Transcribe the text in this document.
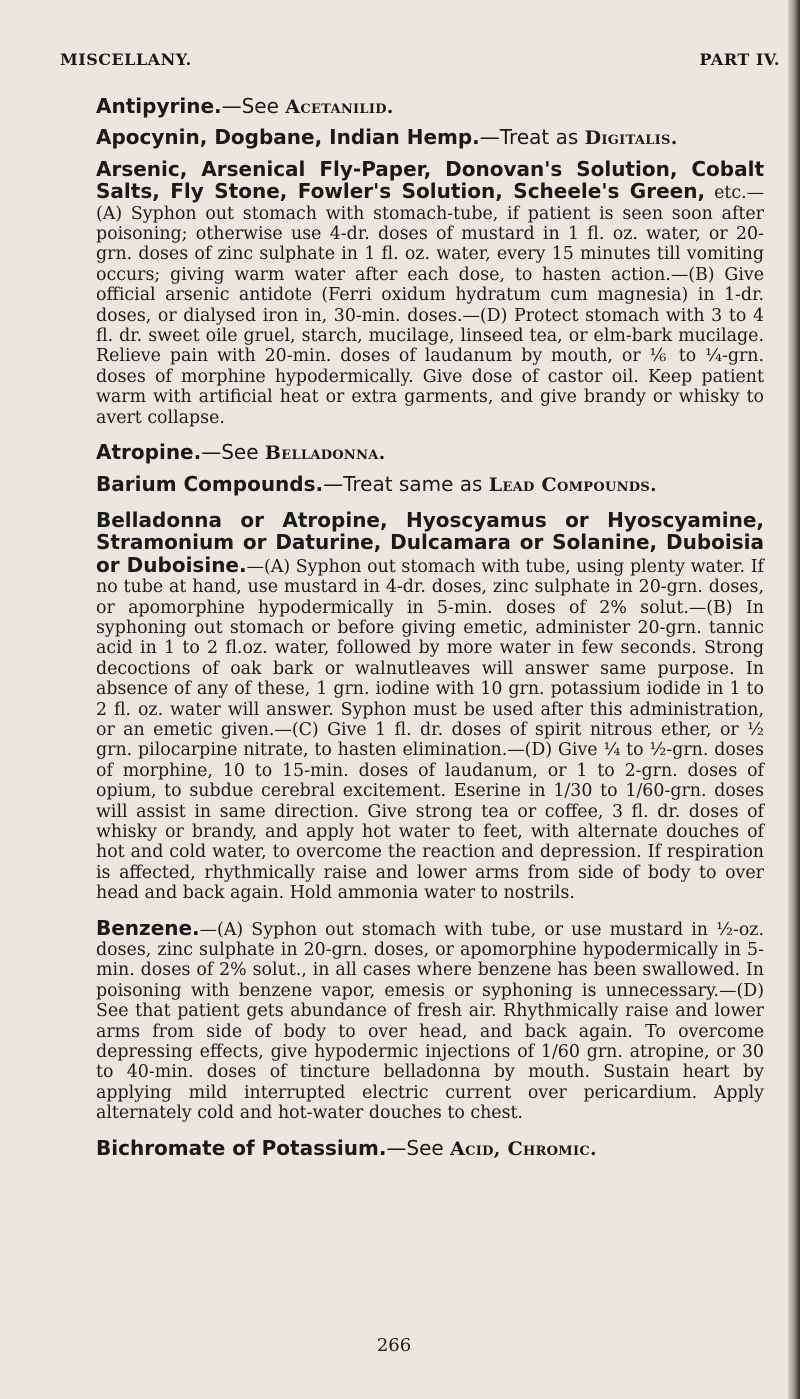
MISCELLANY.	PART IV.

Antipyrine.—See Acetanilid.

Apocynin, Dogbane, Indian Hemp.—Treat as Digitalis.

Arsenic, Arsenical Fly-Paper, Donovan's Solution, Cobalt Salts, Fly Stone, Fowler's Solution, Scheele's Green, etc.—(A) Syphon out stomach with stomach-tube, if patient is seen soon after poisoning; otherwise use 4-dr. doses of mustard in 1 fl. oz. water, or 20-grn. doses of zinc sulphate in 1 fl. oz. water, every 15 minutes till vomiting occurs; giving warm water after each dose, to hasten action.—(B) Give official arsenic antidote (Ferri oxidum hydratum cum magnesia) in 1-dr. doses, or dialysed iron in, 30-min. doses.—(D) Protect stomach with 3 to 4 fl. dr. sweet oile gruel, starch, mucilage, linseed tea, or elm-bark mucilage. Relieve pain with 20-min. doses of laudanum by mouth, or ⅙ to ¼-grn. doses of morphine hypodermically. Give dose of castor oil. Keep patient warm with artificial heat or extra garments, and give brandy or whisky to avert collapse.

Atropine.—See Belladonna.

Barium Compounds.—Treat same as Lead Compounds.

Belladonna or Atropine, Hyoscyamus or Hyoscyamine, Stramonium or Daturine, Dulcamara or Solanine, Duboisia or Duboisine.—(A) Syphon out stomach with tube, using plenty water. If no tube at hand, use mustard in 4-dr. doses, zinc sulphate in 20-grn. doses, or apomorphine hypodermically in 5-min. doses of 2% solut.—(B) In syphoning out stomach or before giving emetic, administer 20-grn. tannic acid in 1 to 2 fl.oz. water, followed by more water in few seconds. Strong decoctions of oak bark or walnutleaves will answer same purpose. In absence of any of these, 1 grn. iodine with 10 grn. potassium iodide in 1 to 2 fl. oz. water will answer. Syphon must be used after this administration, or an emetic given.—(C) Give 1 fl. dr. doses of spirit nitrous ether, or ½ grn. pilocarpine nitrate, to hasten elimination.—(D) Give ¼ to ½-grn. doses of morphine, 10 to 15-min. doses of laudanum, or 1 to 2-grn. doses of opium, to subdue cerebral excitement. Eserine in 1/30 to 1/60-grn. doses will assist in same direction. Give strong tea or coffee, 3 fl. dr. doses of whisky or brandy, and apply hot water to feet, with alternate douches of hot and cold water, to overcome the reaction and depression. If respiration is affected, rhythmically raise and lower arms from side of body to over head and back again. Hold ammonia water to nostrils.

Benzene.—(A) Syphon out stomach with tube, or use mustard in ½-oz. doses, zinc sulphate in 20-grn. doses, or apomorphine hypodermically in 5-min. doses of 2% solut., in all cases where benzene has been swallowed. In poisoning with benzene vapor, emesis or syphoning is unnecessary.—(D) See that patient gets abundance of fresh air. Rhythmically raise and lower arms from side of body to over head, and back again. To overcome depressing effects, give hypodermic injections of 1/60 grn. atropine, or 30 to 40-min. doses of tincture belladonna by mouth. Sustain heart by applying mild interrupted electric current over pericardium. Apply alternately cold and hot-water douches to chest.

Bichromate of Potassium.—See Acid, Chromic.

266
